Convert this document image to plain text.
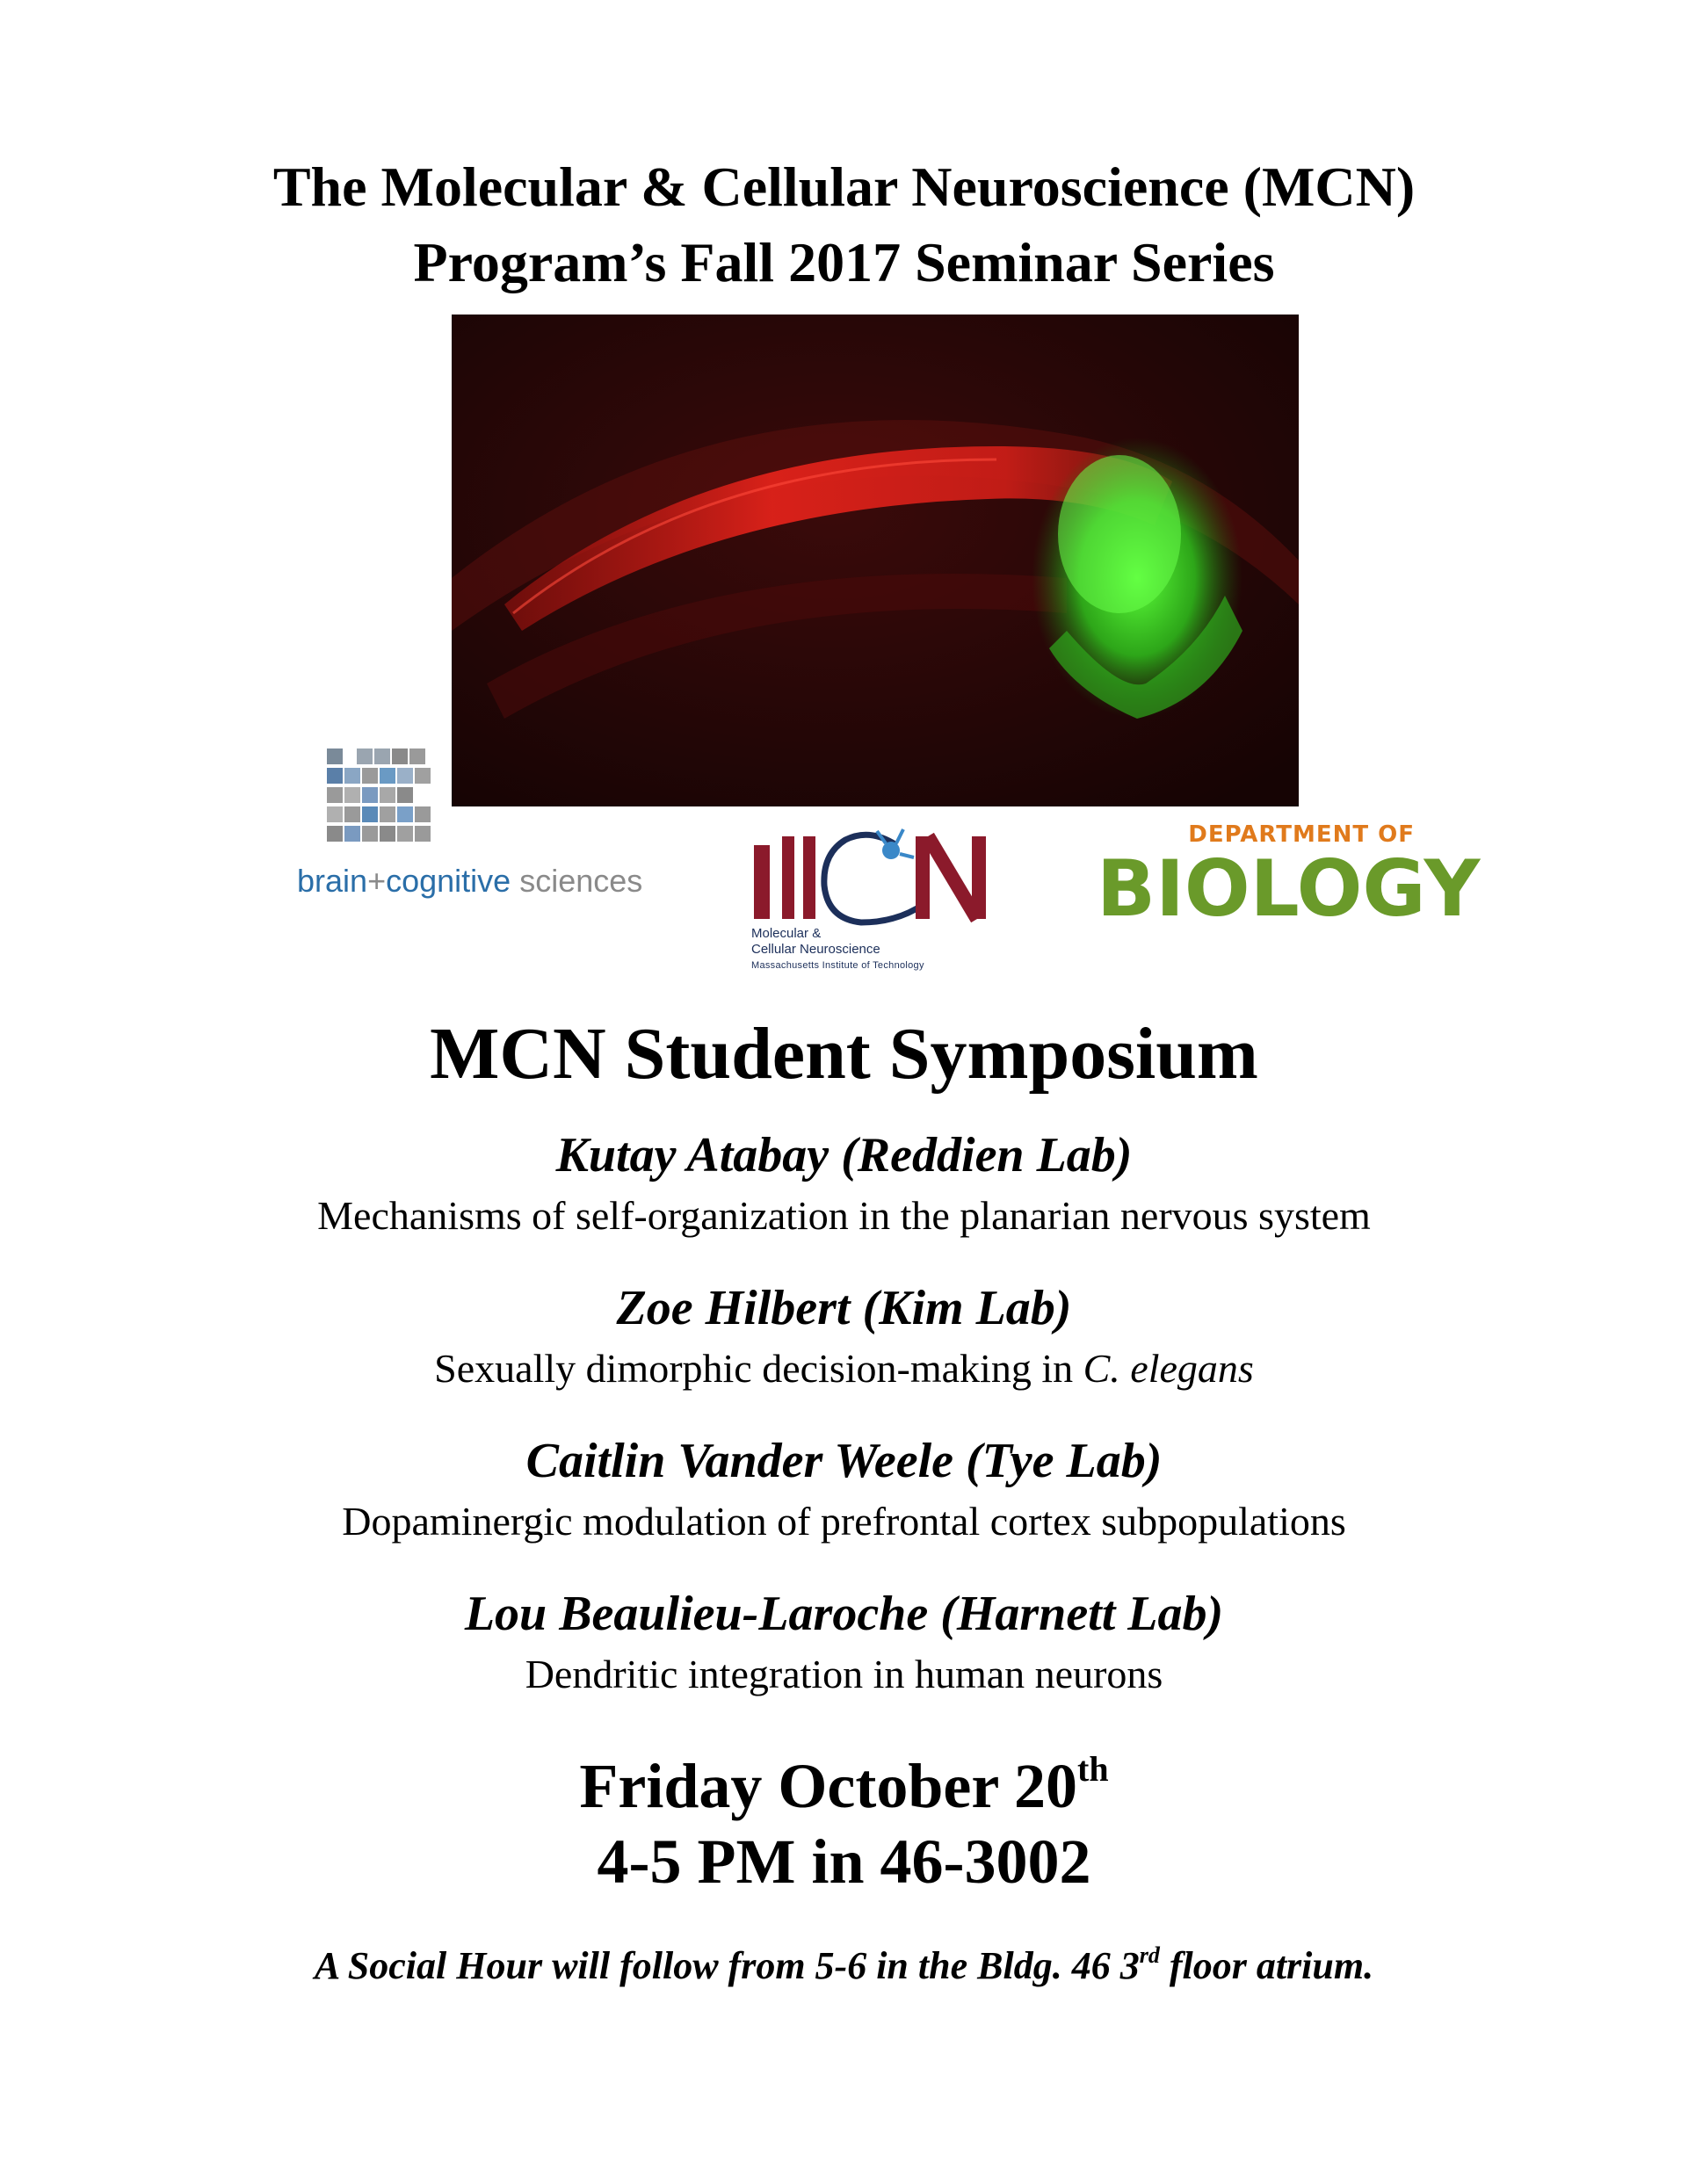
The Molecular & Cellular Neuroscience (MCN)
Program’s Fall 2017 Seminar Series
brain+cognitive sciences
Molecular &
Cellular Neuroscience
Massachusetts Institute of Technology
DEPARTMENT OF
BIOLOGY
MCN Student Symposium
Kutay Atabay (Reddien Lab)
Mechanisms of self-organization in the planarian nervous system
Zoe Hilbert (Kim Lab)
Sexually dimorphic decision-making in C. elegans
Caitlin Vander Weele (Tye Lab)
Dopaminergic modulation of prefrontal cortex subpopulations
Lou Beaulieu-Laroche (Harnett Lab)
Dendritic integration in human neurons
Friday October 20th
4-5 PM in 46-3002
A Social Hour will follow from 5-6 in the Bldg. 46 3rd floor atrium.
